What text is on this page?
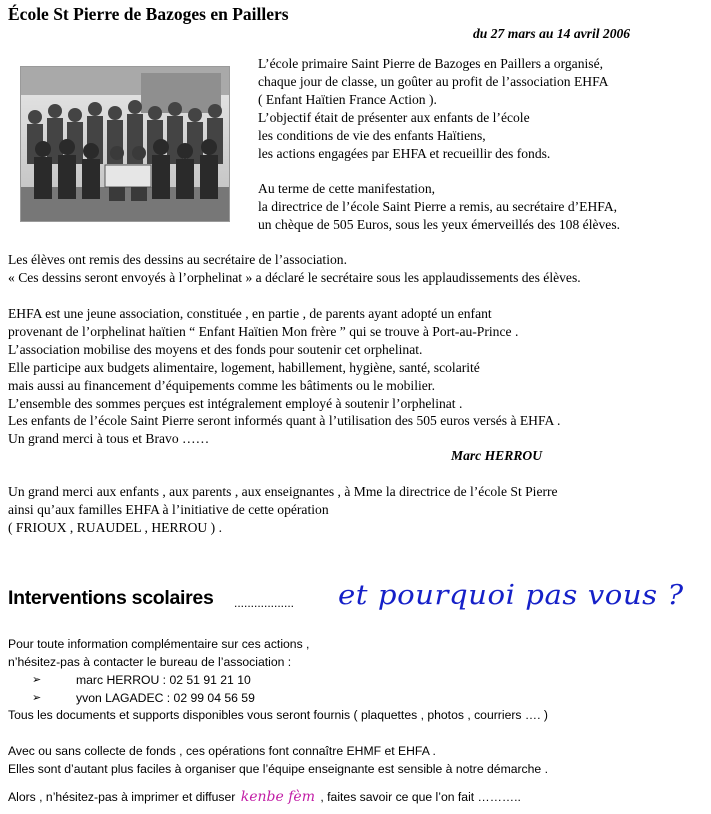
École St Pierre de Bazoges en Paillers
du 27 mars au 14 avril 2006
L’école primaire Saint Pierre de Bazoges en Paillers a organisé,
chaque jour de classe, un goûter au profit de l’association EHFA
( Enfant Haïtien France Action ).
L’objectif était de présenter aux enfants de l’école
les conditions de vie des enfants Haïtiens,
les actions engagées par EHFA et recueillir des fonds.
Au terme de cette manifestation,
la directrice de l’école Saint Pierre a remis, au secrétaire d’EHFA,
un chèque de 505 Euros, sous les yeux émerveillés des 108 élèves.
Les élèves ont remis des dessins au secrétaire de l’association.
« Ces dessins seront envoyés à l’orphelinat » a déclaré le secrétaire sous les applaudissements des élèves.
EHFA est une jeune association, constituée , en partie , de parents ayant adopté un enfant
provenant de l’orphelinat haïtien “ Enfant Haïtien Mon frère ” qui se trouve à Port-au-Prince .
L’association mobilise des moyens et des fonds pour soutenir cet orphelinat.
Elle participe aux budgets alimentaire, logement, habillement, hygiène, santé, scolarité
mais aussi au financement d’équipements comme les bâtiments ou le mobilier.
L’ensemble des sommes perçues est intégralement employé à soutenir l’orphelinat .
Les enfants de l’école Saint Pierre seront informés quant à l’utilisation des 505 euros versés à EHFA .
Un grand merci à tous et Bravo ……
Marc HERROU
Un grand merci aux enfants , aux parents , aux enseignantes , à Mme la directrice de l’école St Pierre
ainsi qu’aux familles EHFA à l’initiative de cette opération
( FRIOUX , RUAUDEL , HERROU ) .
Interventions scolaires .................. et pourquoi pas vous ?
Pour toute information complémentaire sur ces actions ,
n’hésitez-pas à contacter le bureau de l’association :
➢	marc HERROU : 02 51 91 21 10
➢	yvon LAGADEC : 02 99 04 56 59
Tous les documents et supports disponibles vous seront fournis ( plaquettes , photos , courriers …. )
Avec ou sans collecte de fonds , ces opérations font connaître EHMF et EHFA .
Elles sont d’autant plus faciles à organiser que l’équipe enseignante est sensible à notre démarche .
Alors , n’hésitez-pas à imprimer et diffuser kenbe fèm , faites savoir ce que l’on fait ………..
